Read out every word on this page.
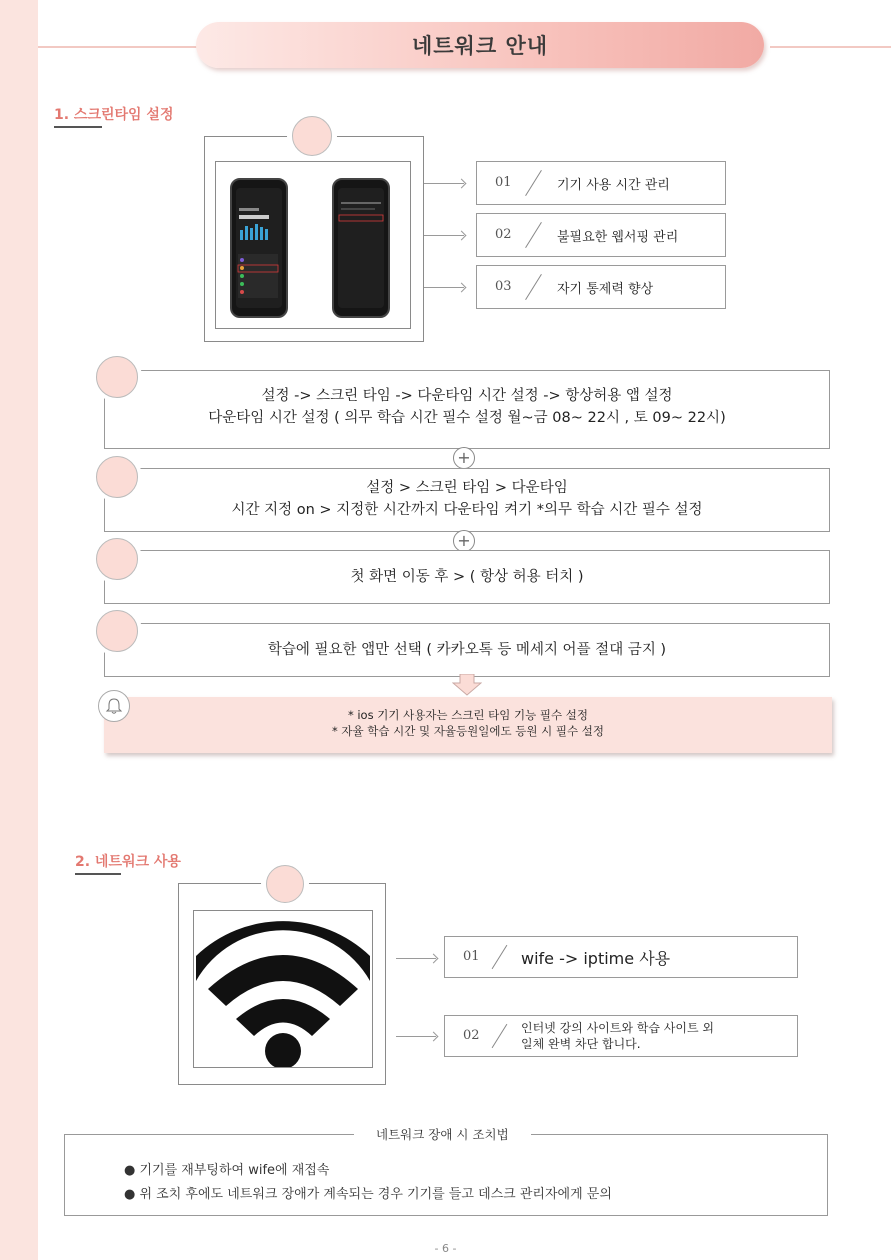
네트워크 안내
1. 스크린타임 설정
01	기기 사용 시간 관리
02	불필요한 웹서핑 관리
03	자기 통제력 향상
설정 -> 스크린 타임 -> 다운타임 시간 설정 -> 항상허용 앱 설정
다운타임 시간 설정 ( 의무 학습 시간 필수 설정 월~금 08~ 22시 , 토 09~ 22시)
+
설정 > 스크린 타임 > 다운타임
시간 지정 on > 지정한 시간까지 다운타임 켜기 *의무 학습 시간 필수 설정
+
첫 화면 이동 후 > ( 항상 허용 터치 )
학습에 필요한 앱만 선택 ( 카카오톡 등 메세지 어플 절대 금지 )
* ios 기기 사용자는 스크린 타임 기능 필수 설정
* 자율 학습 시간 및 자율등원일에도 등원 시 필수 설정
2. 네트워크 사용
01	wife -> iptime 사용
02	인터넷 강의 사이트와 학습 사이트 외
일체 완벽 차단 합니다.
네트워크 장애 시 조치법
● 기기를 재부팅하여 wife에 재접속
● 위 조치 후에도 네트워크 장애가 계속되는 경우 기기를 들고 데스크 관리자에게 문의
- 6 -
